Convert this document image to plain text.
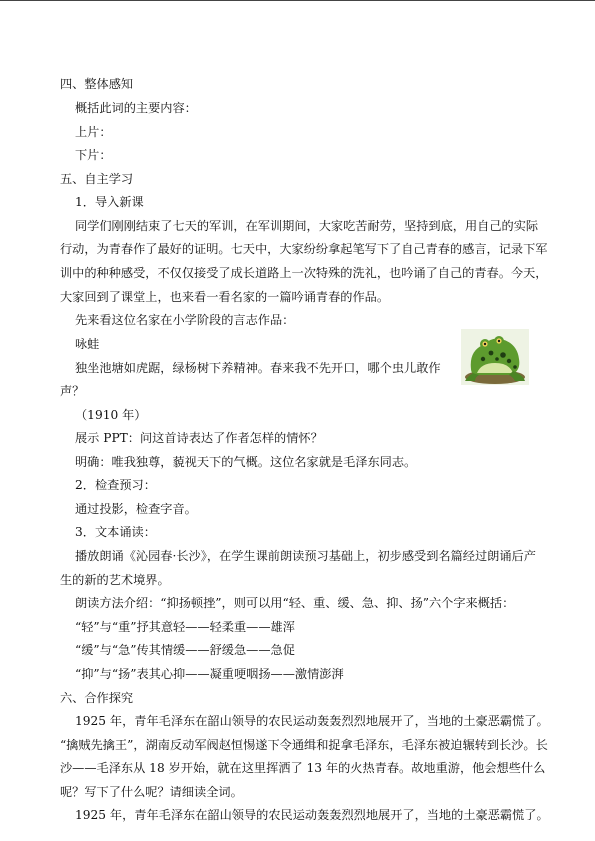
四、整体感知
概括此词的主要内容：
上片：
下片：
五、自主学习
1．导入新课
同学们刚刚结束了七天的军训，在军训期间，大家吃苦耐劳，坚持到底，用自己的实际
行动，为青春作了最好的证明。七天中，大家纷纷拿起笔写下了自己青春的感言，记录下军
训中的种种感受，不仅仅接受了成长道路上一次特殊的洗礼，也吟诵了自己的青春。今天，
大家回到了课堂上，也来看一看名家的一篇吟诵青春的作品。
先来看这位名家在小学阶段的言志作品：
咏蛙
独坐池塘如虎踞，绿杨树下养精神。春来我不先开口，哪个虫儿敢作
声？
（1910 年）
展示 PPT：问这首诗表达了作者怎样的情怀？
明确：唯我独尊，藐视天下的气概。这位名家就是毛泽东同志。
2．检查预习：
通过投影，检查字音。
3．文本诵读：
播放朗诵《沁园春·长沙》，在学生课前朗读预习基础上，初步感受到名篇经过朗诵后产
生的新的艺术境界。
朗读方法介绍：“抑扬顿挫”，则可以用“轻、重、缓、急、抑、扬”六个字来概括：
“轻”与“重”抒其意轻——轻柔重——雄浑
“缓”与“急”传其情缓——舒缓急——急促
“抑”与“扬”表其心抑——凝重哽咽扬——激情澎湃
六、合作探究
1925 年，青年毛泽东在韶山领导的农民运动轰轰烈烈地展开了，当地的土豪恶霸慌了。
“擒贼先擒王”，湖南反动军阀赵恒惕遂下令通缉和捉拿毛泽东，毛泽东被迫辗转到长沙。长
沙——毛泽东从 18 岁开始，就在这里挥洒了 13 年的火热青春。故地重游，他会想些什么
呢？写下了什么呢？请细读全词。
1925 年，青年毛泽东在韶山领导的农民运动轰轰烈烈地展开了，当地的土豪恶霸慌了。
